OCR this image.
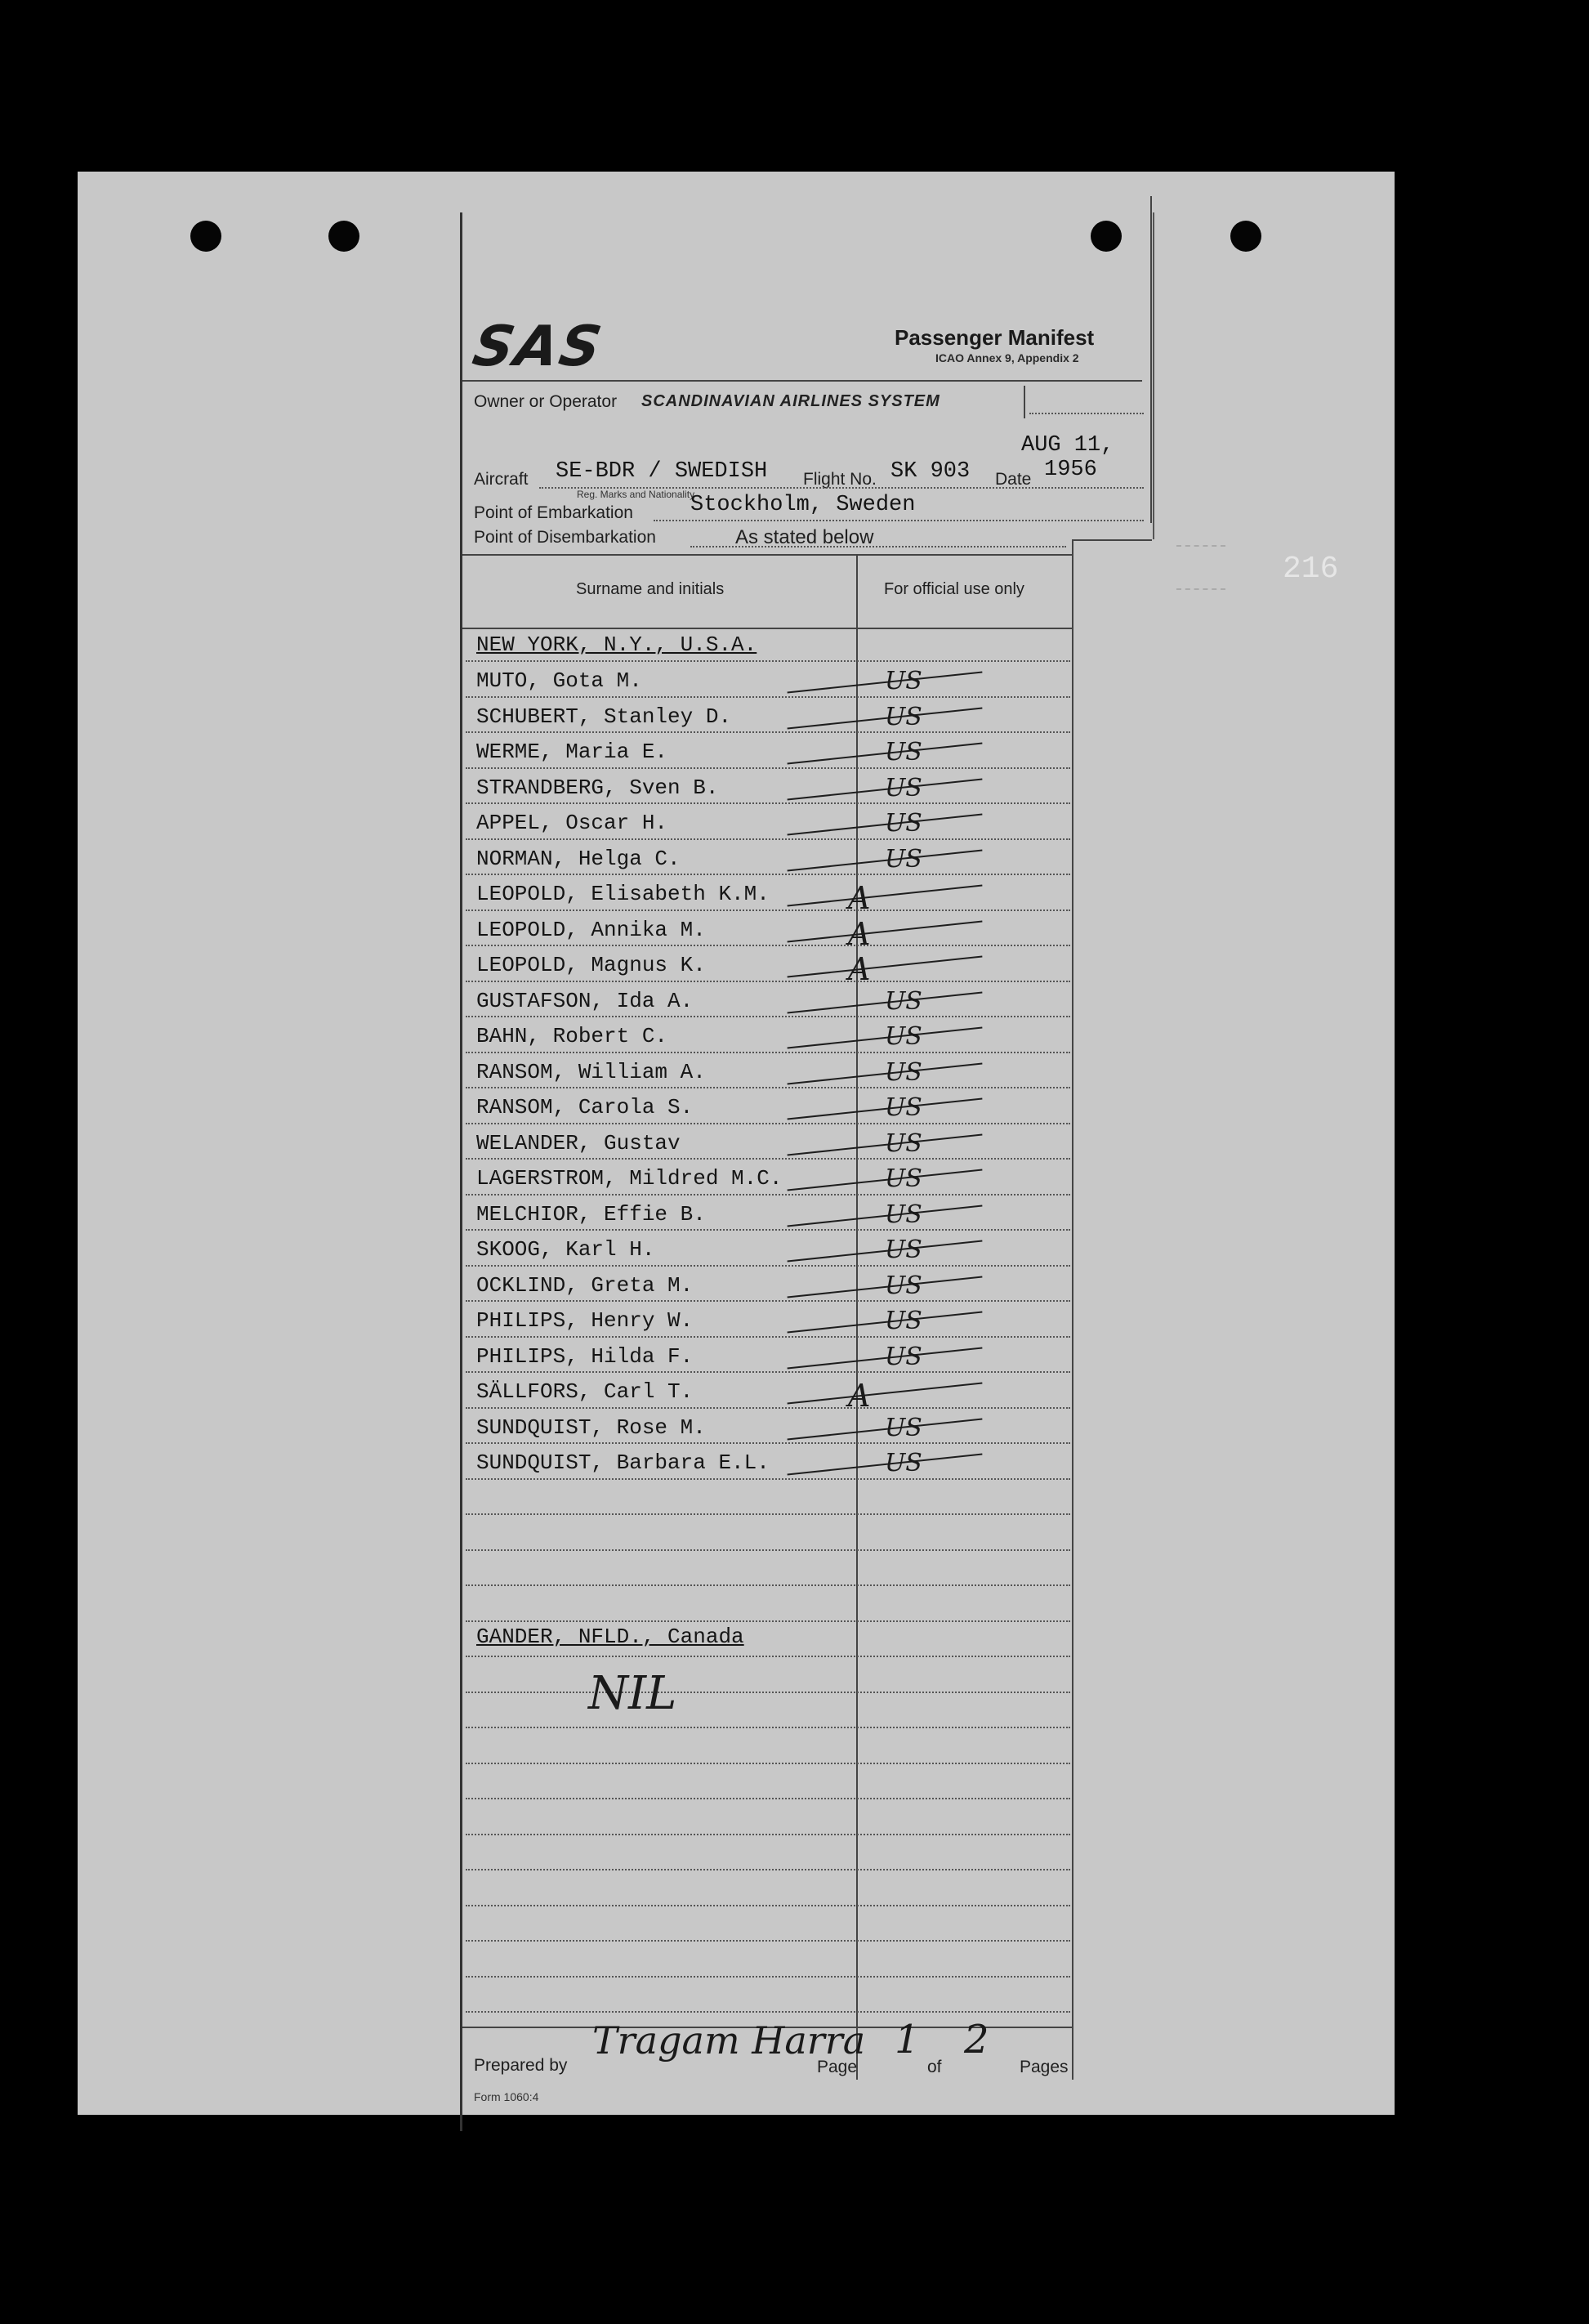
SAS	Passenger Manifest
ICAO Annex 9, Appendix 2
Owner or Operator SCANDINAVIAN AIRLINES SYSTEM
AUG 11,
Aircraft SE-BDR / SWEDISH Flight No. SK 903 Date 1956
Reg. Marks and Nationality
Point of Embarkation	Stockholm, Sweden
Point of Disembarkation	As stated below
216
Surname and initials	For official use only
NEW YORK, N.Y., U.S.A.
MUTO, Gota M.	US
SCHUBERT, Stanley D.	US
WERME, Maria E.	US
STRANDBERG, Sven B.	US
APPEL, Oscar H.	US
NORMAN, Helga C.	US
LEOPOLD, Elisabeth K.M.	A
LEOPOLD, Annika M.	A
LEOPOLD, Magnus K.	A
GUSTAFSON, Ida A.	US
BAHN, Robert C.	US
RANSOM, William A.	US
RANSOM, Carola S.	US
WELANDER, Gustav	US
LAGERSTROM, Mildred M.C.	US
MELCHIOR, Effie B.	US
SKOOG, Karl H.	US
OCKLIND, Greta M.	US
PHILIPS, Henry W.	US
PHILIPS, Hilda F.	US
SÄLLFORS, Carl T.	A
SUNDQUIST, Rose M.	US
SUNDQUIST, Barbara E.L.	US
GANDER, NFLD., Canada
NIL
Prepared by
Tragam Harra
Page
1
of
2
Pages
Form 1060:4
